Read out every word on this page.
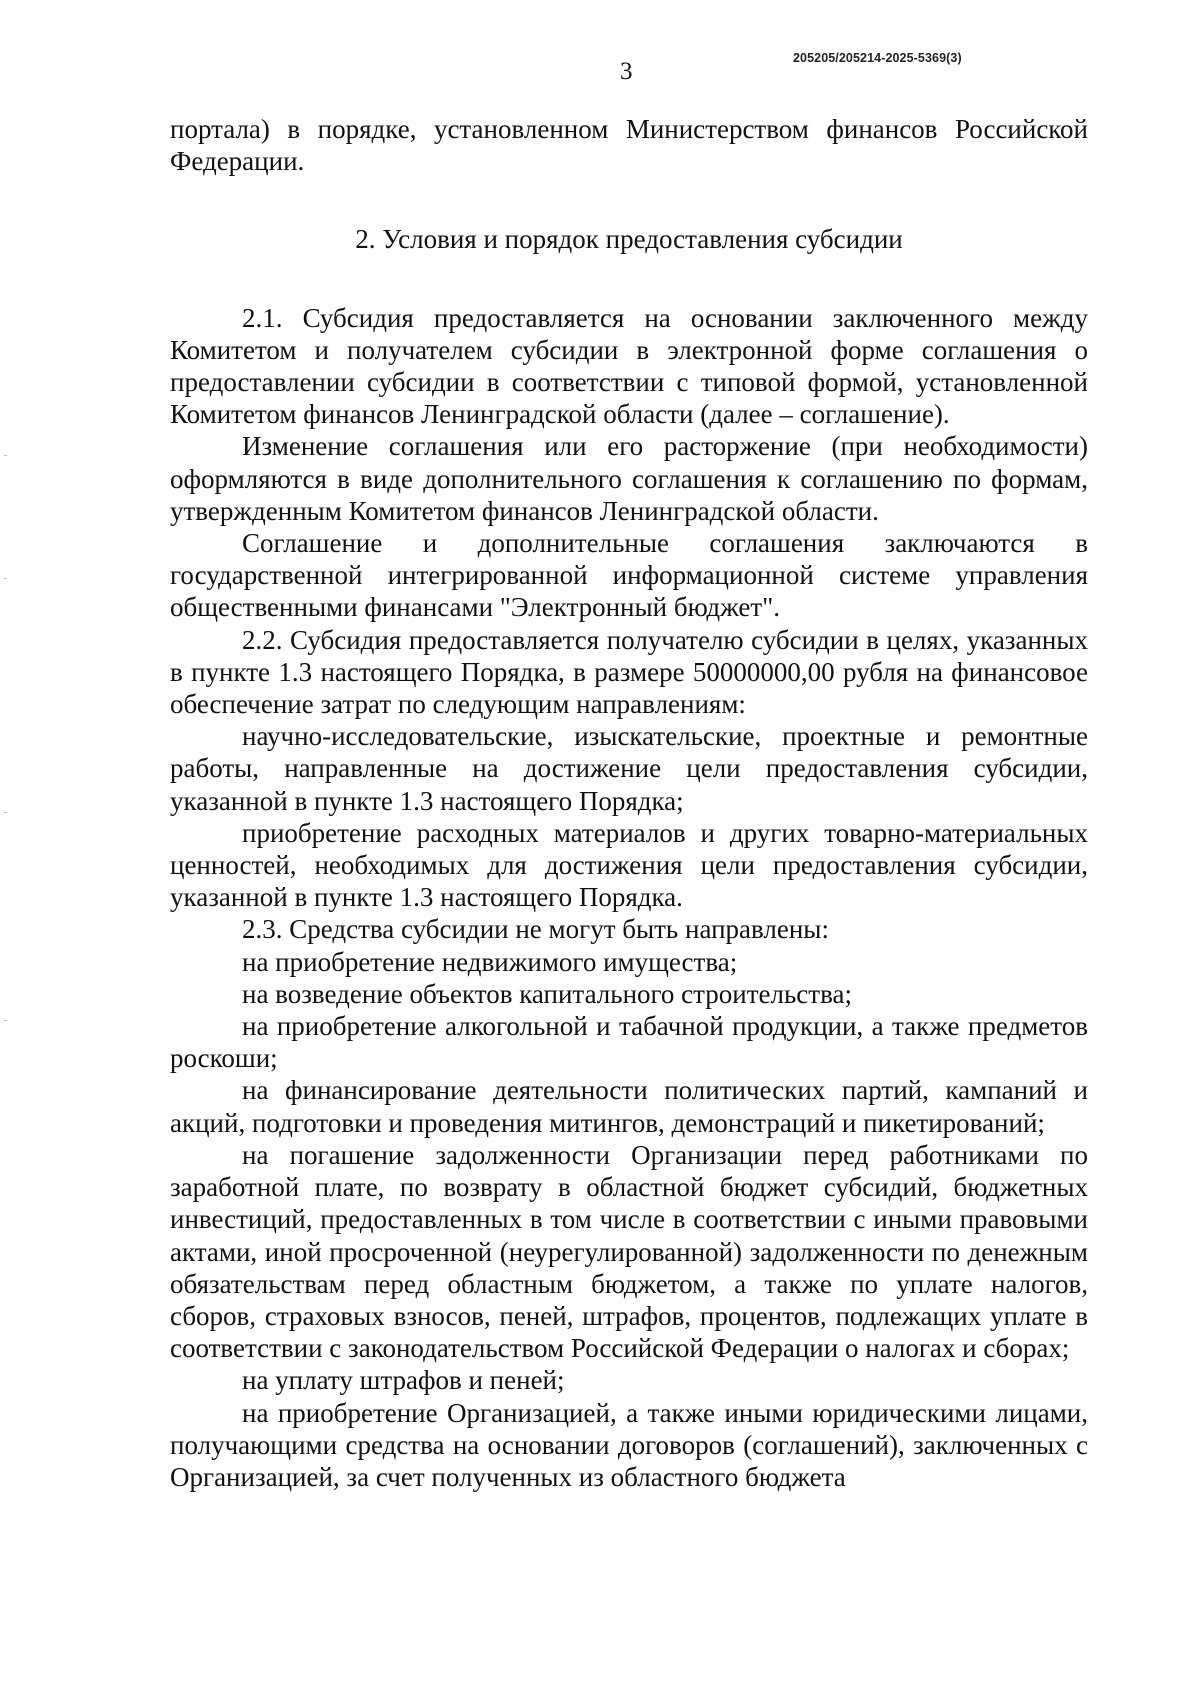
205205/205214-2025-5369(3)
3

портала) в порядке, установленном Министерством финансов Российской Федерации.

2. Условия и порядок предоставления субсидии

2.1. Субсидия предоставляется на основании заключенного между Комитетом и получателем субсидии в электронной форме соглашения о предоставлении субсидии в соответствии с типовой формой, установленной Комитетом финансов Ленинградской области (далее – соглашение).

Изменение соглашения или его расторжение (при необходимости) оформляются в виде дополнительного соглашения к соглашению по формам, утвержденным Комитетом финансов Ленинградской области.

Соглашение и дополнительные соглашения заключаются в государственной интегрированной информационной системе управления общественными финансами "Электронный бюджет".

2.2. Субсидия предоставляется получателю субсидии в целях, указанных в пункте 1.3 настоящего Порядка, в размере 50000000,00 рубля на финансовое обеспечение затрат по следующим направлениям:

научно-исследовательские, изыскательские, проектные и ремонтные работы, направленные на достижение цели предоставления субсидии, указанной в пункте 1.3 настоящего Порядка;

приобретение расходных материалов и других товарно-материальных ценностей, необходимых для достижения цели предоставления субсидии, указанной в пункте 1.3 настоящего Порядка.

2.3. Средства субсидии не могут быть направлены:

на приобретение недвижимого имущества;

на возведение объектов капитального строительства;

на приобретение алкогольной и табачной продукции, а также предметов роскоши;

на финансирование деятельности политических партий, кампаний и акций, подготовки и проведения митингов, демонстраций и пикетирований;

на погашение задолженности Организации перед работниками по заработной плате, по возврату в областной бюджет субсидий, бюджетных инвестиций, предоставленных в том числе в соответствии с иными правовыми актами, иной просроченной (неурегулированной) задолженности по денежным обязательствам перед областным бюджетом, а также по уплате налогов, сборов, страховых взносов, пеней, штрафов, процентов, подлежащих уплате в соответствии с законодательством Российской Федерации о налогах и сборах;

на уплату штрафов и пеней;

на приобретение Организацией, а также иными юридическими лицами, получающими средства на основании договоров (соглашений), заключенных с Организацией, за счет полученных из областного бюджета
